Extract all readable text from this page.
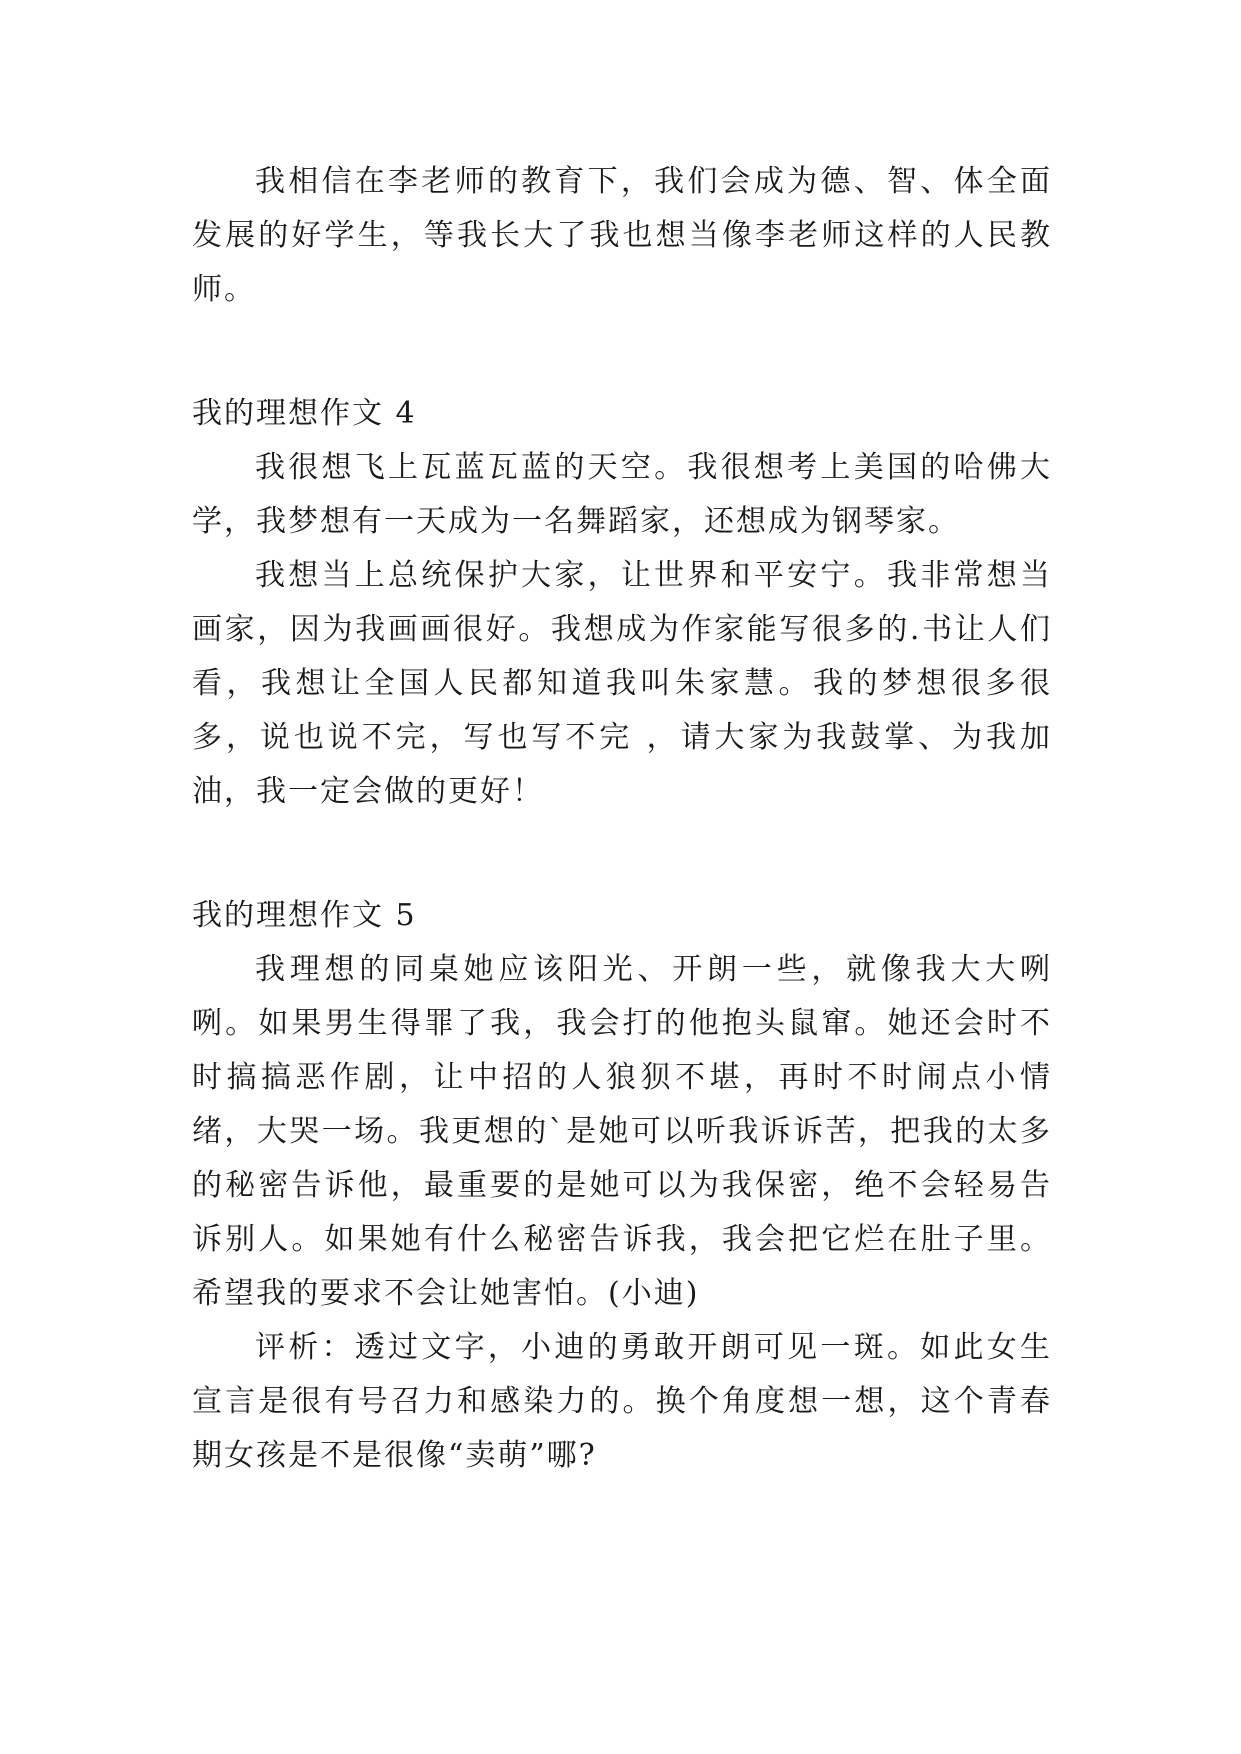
我相信在李老师的教育下，我们会成为德、智、体全面发展的好学生，等我长大了我也想当像李老师这样的人民教师。

我的理想作文 4

我很想飞上瓦蓝瓦蓝的天空。我很想考上美国的哈佛大学，我梦想有一天成为一名舞蹈家，还想成为钢琴家。

我想当上总统保护大家，让世界和平安宁。我非常想当画家，因为我画画很好。我想成为作家能写很多的.书让人们看，我想让全国人民都知道我叫朱家慧。我的梦想很多很多，说也说不完，写也写不完 ，请大家为我鼓掌、为我加油，我一定会做的更好！

我的理想作文 5

我理想的同桌她应该阳光、开朗一些，就像我大大咧咧。如果男生得罪了我，我会打的他抱头鼠窜。她还会时不时搞搞恶作剧，让中招的人狼狈不堪，再时不时闹点小情绪，大哭一场。我更想的`是她可以听我诉诉苦，把我的太多的秘密告诉他，最重要的是她可以为我保密，绝不会轻易告诉别人。如果她有什么秘密告诉我，我会把它烂在肚子里。希望我的要求不会让她害怕。(小迪)

评析：透过文字，小迪的勇敢开朗可见一斑。如此女生宣言是很有号召力和感染力的。换个角度想一想，这个青春期女孩是不是很像“卖萌”哪?
